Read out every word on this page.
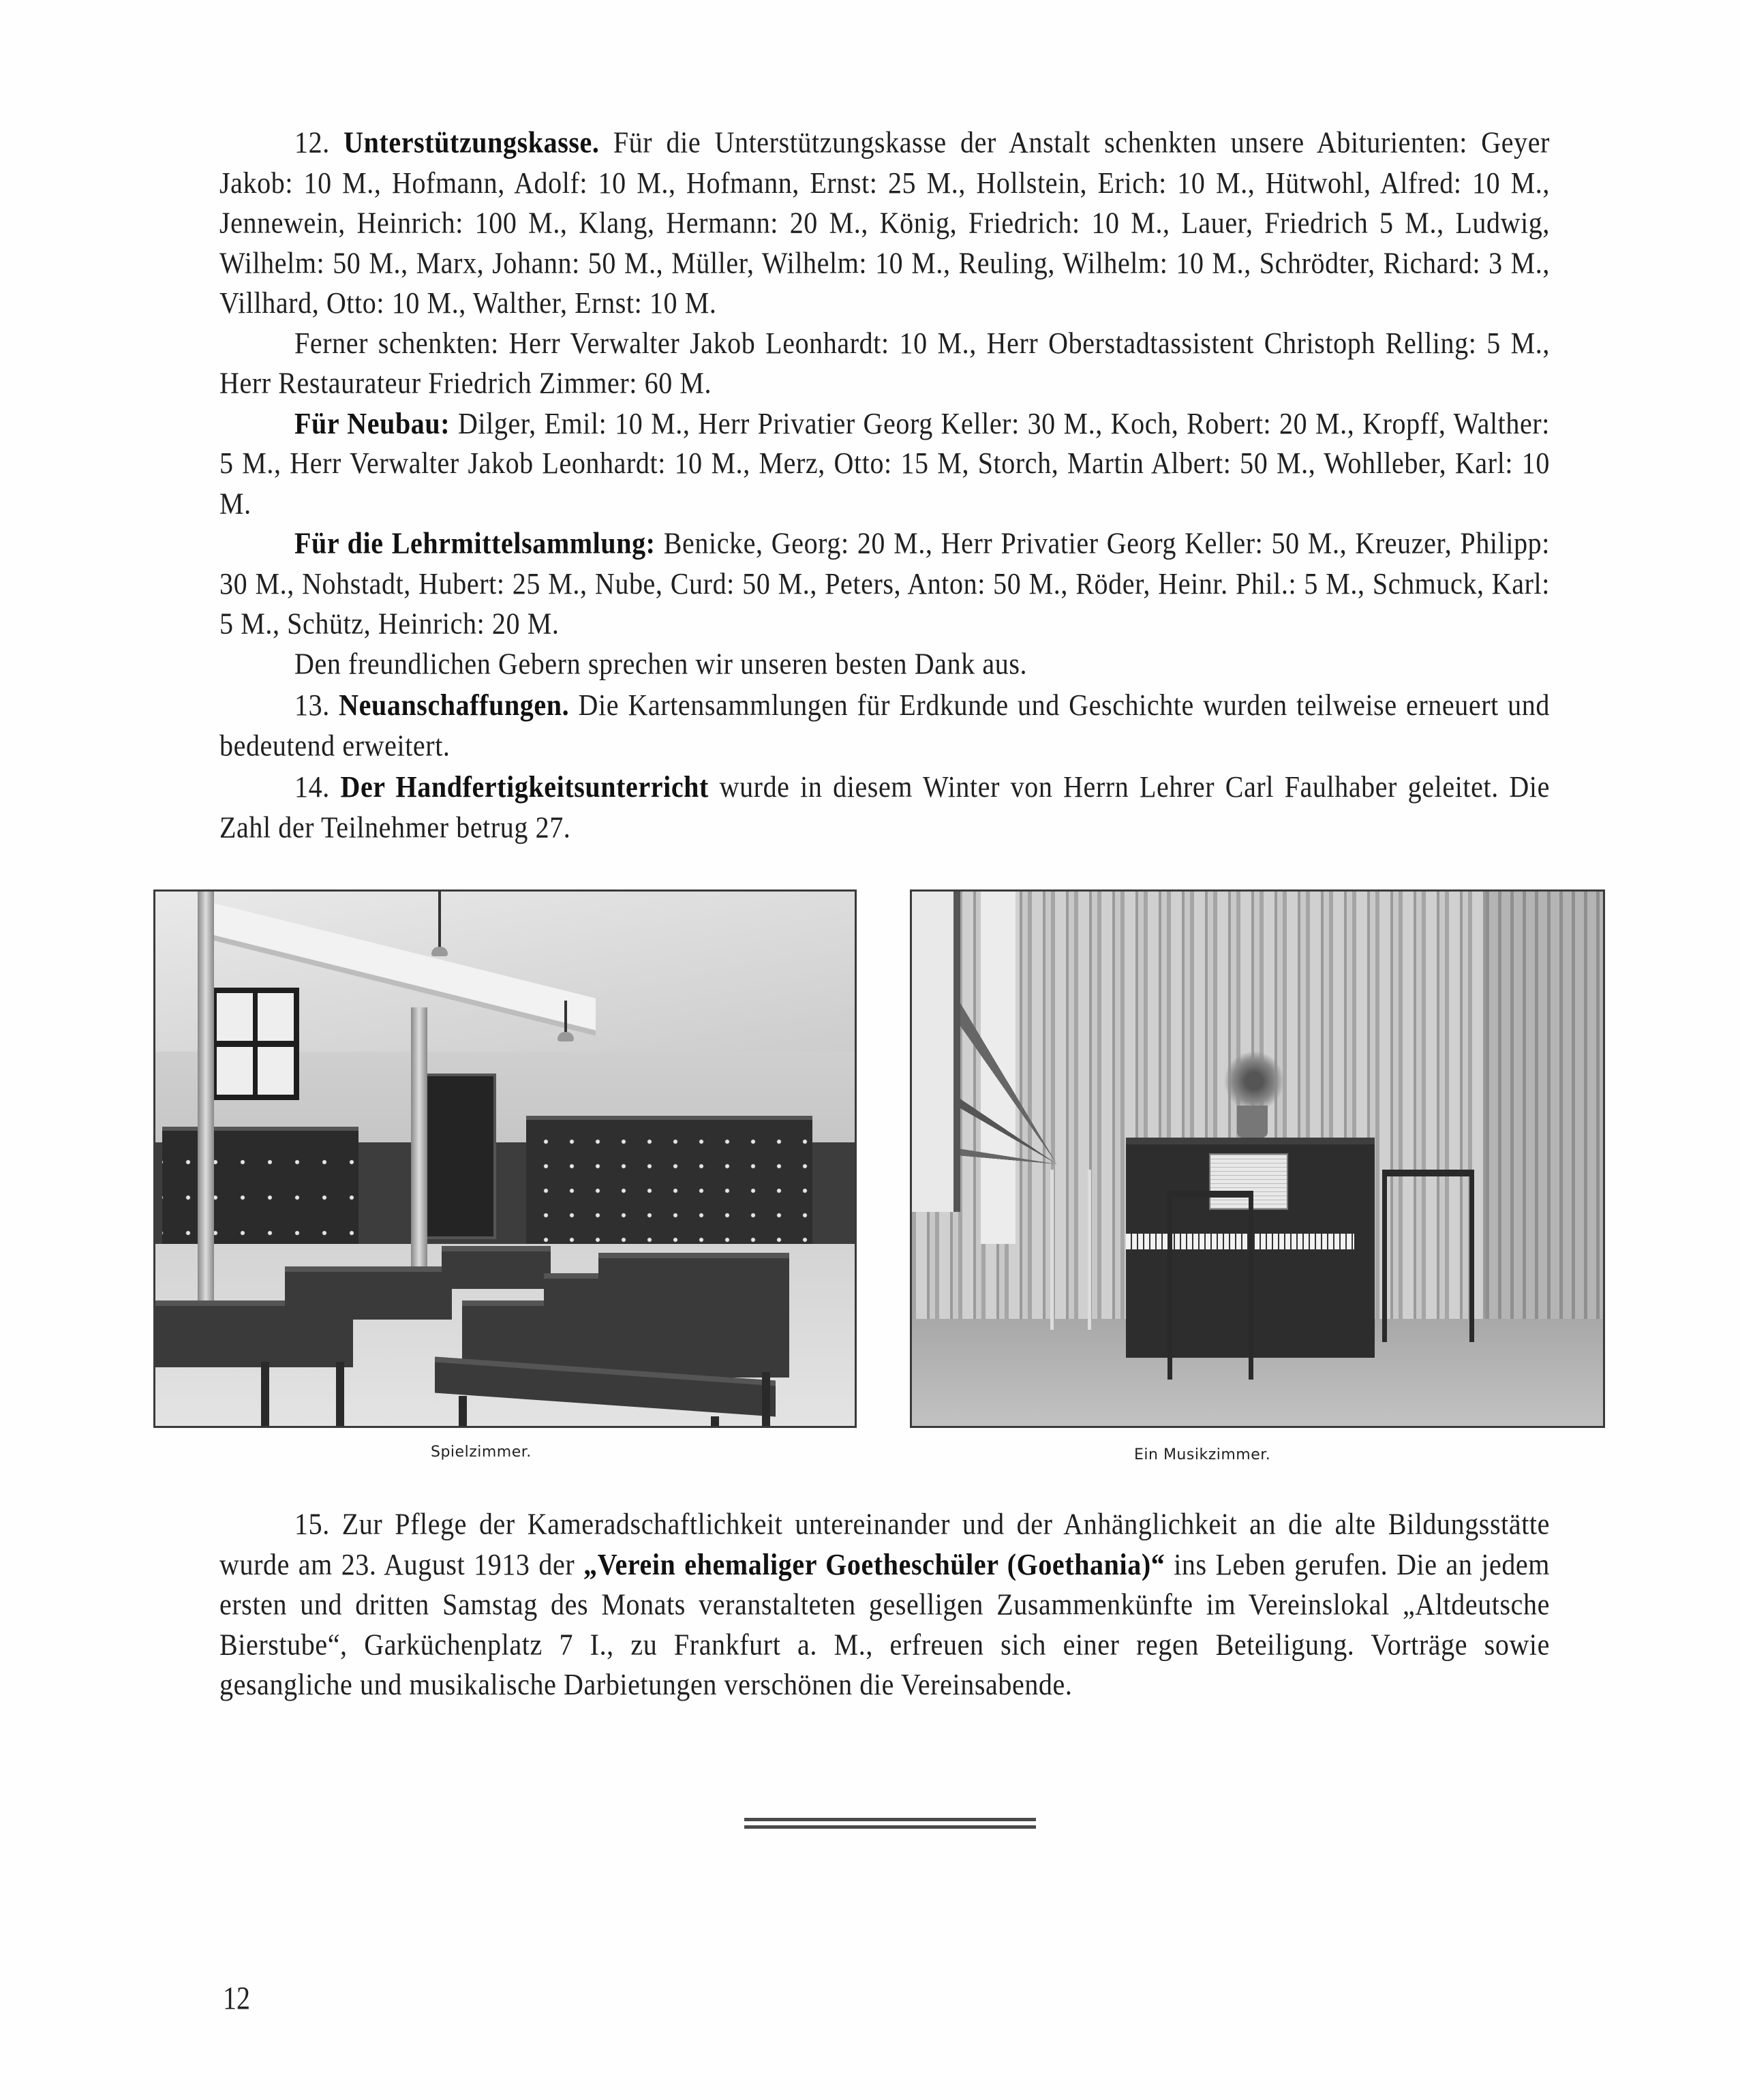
12. Unterstützungskasse. Für die Unterstützungskasse der Anstalt schenkten unsere Abiturienten: Geyer Jakob: 10 M., Hofmann, Adolf: 10 M., Hofmann, Ernst: 25 M., Hollstein, Erich: 10 M., Hütwohl, Alfred: 10 M., Jennewein, Heinrich: 100 M., Klang, Hermann: 20 M., König, Friedrich: 10 M., Lauer, Friedrich 5 M., Ludwig, Wilhelm: 50 M., Marx, Johann: 50 M., Müller, Wilhelm: 10 M., Reuling, Wilhelm: 10 M., Schrödter, Richard: 3 M., Villhard, Otto: 10 M., Walther, Ernst: 10 M.

Ferner schenkten: Herr Verwalter Jakob Leonhardt: 10 M., Herr Oberstadtassistent Christoph Relling: 5 M., Herr Restaurateur Friedrich Zimmer: 60 M.

Für Neubau: Dilger, Emil: 10 M., Herr Privatier Georg Keller: 30 M., Koch, Robert: 20 M., Kropff, Walther: 5 M., Herr Verwalter Jakob Leonhardt: 10 M., Merz, Otto: 15 M, Storch, Martin Albert: 50 M., Wohlleber, Karl: 10 M.

Für die Lehrmittelsammlung: Benicke, Georg: 20 M., Herr Privatier Georg Keller: 50 M., Kreuzer, Philipp: 30 M., Nohstadt, Hubert: 25 M., Nube, Curd: 50 M., Peters, Anton: 50 M., Röder, Heinr. Phil.: 5 M., Schmuck, Karl: 5 M., Schütz, Heinrich: 20 M.

Den freundlichen Gebern sprechen wir unseren besten Dank aus.

13. Neuanschaffungen. Die Kartensammlungen für Erdkunde und Geschichte wurden teilweise erneuert und bedeutend erweitert.

14. Der Handfertigkeitsunterricht wurde in diesem Winter von Herrn Lehrer Carl Faulhaber geleitet. Die Zahl der Teilnehmer betrug 27.

Spielzimmer.	Ein Musikzimmer.

15. Zur Pflege der Kameradschaftlichkeit untereinander und der Anhänglichkeit an die alte Bildungsstätte wurde am 23. August 1913 der „Verein ehemaliger Goetheschüler (Goethania)“ ins Leben gerufen. Die an jedem ersten und dritten Samstag des Monats veranstalteten geselligen Zusammenkünfte im Vereinslokal „Altdeutsche Bierstube“, Garküchenplatz 7 I., zu Frankfurt a. M., erfreuen sich einer regen Beteiligung. Vorträge sowie gesangliche und musikalische Darbietungen verschönen die Vereinsabende.

12
